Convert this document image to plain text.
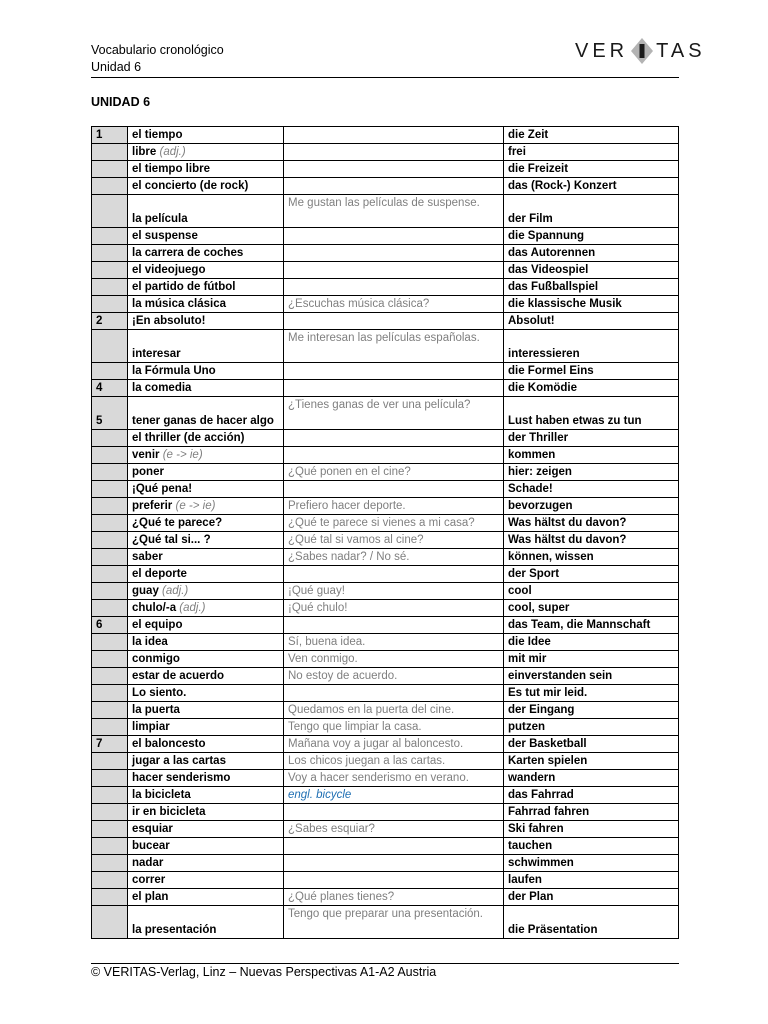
Vocabulario cronológico
Unidad 6
VER TAS
UNIDAD 6
1	el tiempo		die Zeit
	libre (adj.)		frei
	el tiempo libre		die Freizeit
	el concierto (de rock)		das (Rock-) Konzert
	la película	Me gustan las películas de suspense.	der Film
	el suspense		die Spannung
	la carrera de coches		das Autorennen
	el videojuego		das Videospiel
	el partido de fútbol		das Fußballspiel
	la música clásica	¿Escuchas música clásica?	die klassische Musik
2	¡En absoluto!		Absolut!
	interesar	Me interesan las películas españolas.	interessieren
	la Fórmula Uno		die Formel Eins
4	la comedia		die Komödie
5	tener ganas de hacer algo	¿Tienes ganas de ver una película?	Lust haben etwas zu tun
	el thriller (de acción)		der Thriller
	venir (e -> ie)		kommen
	poner	¿Qué ponen en el cine?	hier: zeigen
	¡Qué pena!		Schade!
	preferir (e -> ie)	Prefiero hacer deporte.	bevorzugen
	¿Qué te parece?	¿Qué te parece si vienes a mi casa?	Was hältst du davon?
	¿Qué tal si... ?	¿Qué tal si vamos al cine?	Was hältst du davon?
	saber	¿Sabes nadar? / No sé.	können, wissen
	el deporte		der Sport
	guay (adj.)	¡Qué guay!	cool
	chulo/-a (adj.)	¡Qué chulo!	cool, super
6	el equipo		das Team, die Mannschaft
	la idea	Sí, buena idea.	die Idee
	conmigo	Ven conmigo.	mit mir
	estar de acuerdo	No estoy de acuerdo.	einverstanden sein
	Lo siento.		Es tut mir leid.
	la puerta	Quedamos en la puerta del cine.	der Eingang
	limpiar	Tengo que limpiar la casa.	putzen
7	el baloncesto	Mañana voy a jugar al baloncesto.	der Basketball
	jugar a las cartas	Los chicos juegan a las cartas.	Karten spielen
	hacer senderismo	Voy a hacer senderismo en verano.	wandern
	la bicicleta	engl. bicycle	das Fahrrad
	ir en bicicleta		Fahrrad fahren
	esquiar	¿Sabes esquiar?	Ski fahren
	bucear		tauchen
	nadar		schwimmen
	correr		laufen
	el plan	¿Qué planes tienes?	der Plan
	la presentación	Tengo que preparar una presentación.	die Präsentation
© VERITAS-Verlag, Linz – Nuevas Perspectivas A1-A2 Austria
